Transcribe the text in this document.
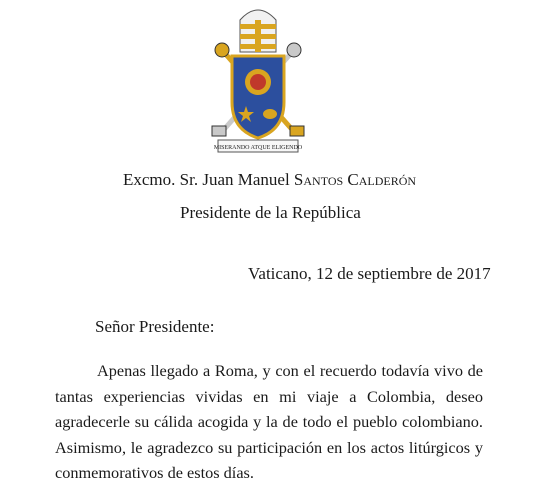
MISERANDO ATQUE ELIGENDO
Excmo. Sr. Juan Manuel Santos Calderón
Presidente de la República
Vaticano, 12 de septiembre de 2017
Señor Presidente:
Apenas llegado a Roma, y con el recuerdo todavía vivo de tantas experiencias vividas en mi viaje a Colombia, deseo agradecerle su cálida acogida y la de todo el pueblo colombiano. Asimismo, le agradezco su participación en los actos litúrgicos y conmemorativos de estos días.
